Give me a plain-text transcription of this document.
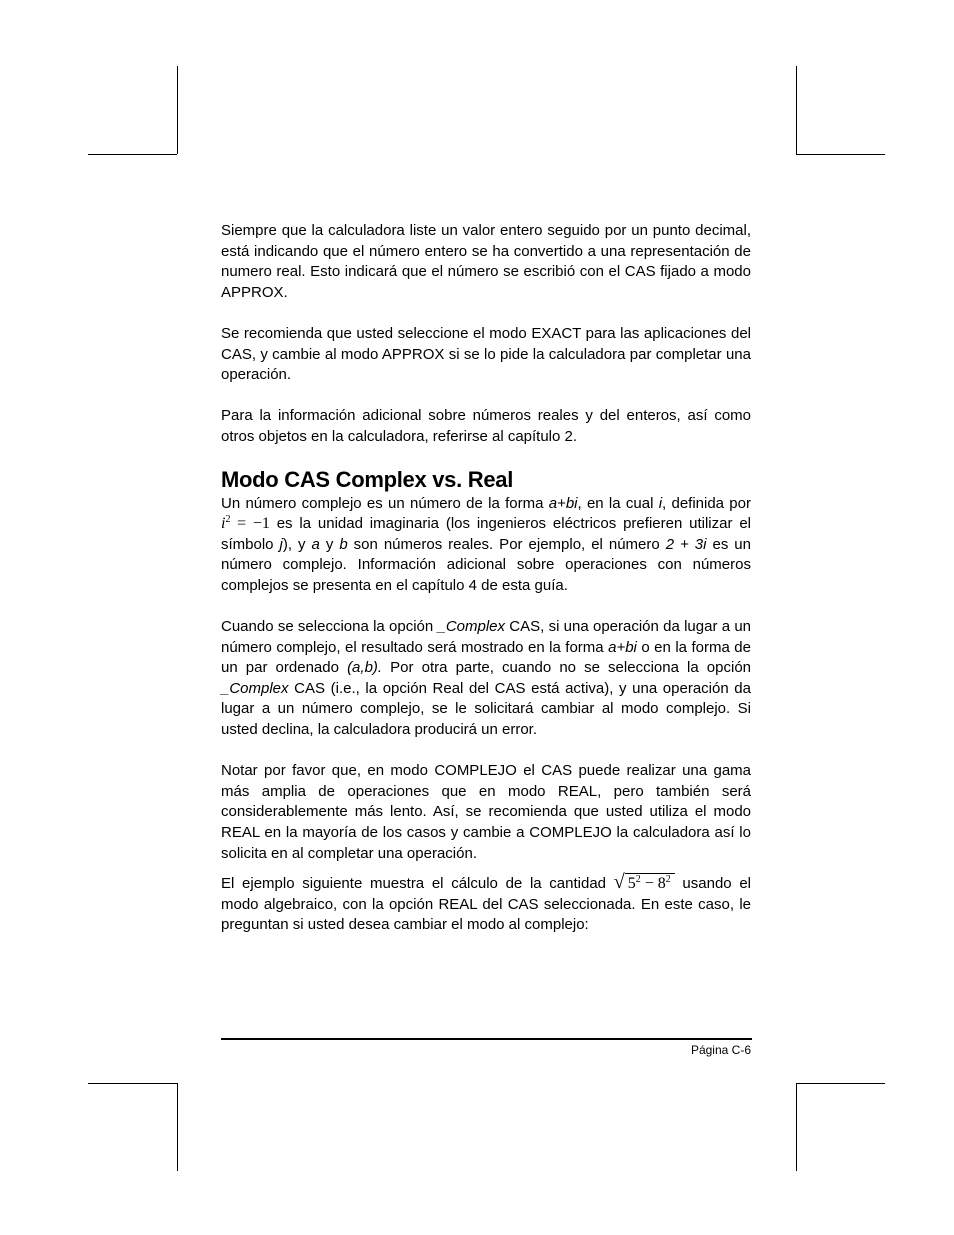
Siempre que la calculadora liste un valor entero seguido por un punto decimal, está indicando que el número entero se ha convertido a una representación de numero real. Esto indicará que el número se escribió con el CAS fijado a modo APPROX.

Se recomienda que usted seleccione el modo EXACT para las aplicaciones del CAS, y cambie al modo APPROX si se lo pide la calculadora par completar una operación.

Para la información adicional sobre números reales y del enteros, así como otros objetos en la calculadora, referirse al capítulo 2.

Modo CAS Complex vs. Real

Un número complejo es un número de la forma a+bi, en la cual i, definida por $i^2 = -1$ es la unidad imaginaria (los ingenieros eléctricos prefieren utilizar el símbolo j), y a y b son números reales. Por ejemplo, el número 2 + 3i es un número complejo. Información adicional sobre operaciones con números complejos se presenta en el capítulo 4 de esta guía.

Cuando se selecciona la opción _Complex CAS, si una operación da lugar a un número complejo, el resultado será mostrado en la forma a+bi o en la forma de un par ordenado (a,b). Por otra parte, cuando no se selecciona la opción _Complex CAS (i.e., la opción Real del CAS está activa), y una operación da lugar a un número complejo, se le solicitará cambiar al modo complejo. Si usted declina, la calculadora producirá un error.

Notar por favor que, en modo COMPLEJO el CAS puede realizar una gama más amplia de operaciones que en modo REAL, pero también será considerablemente más lento. Así, se recomienda que usted utiliza el modo REAL en la mayoría de los casos y cambie a COMPLEJO la calculadora así lo solicita en al completar una operación.

El ejemplo siguiente muestra el cálculo de la cantidad √ $5^2 - 8^2$ usando el modo algebraico, con la opción REAL del CAS seleccionada. En este caso, le preguntan si usted desea cambiar el modo al complejo:

Página C-6
